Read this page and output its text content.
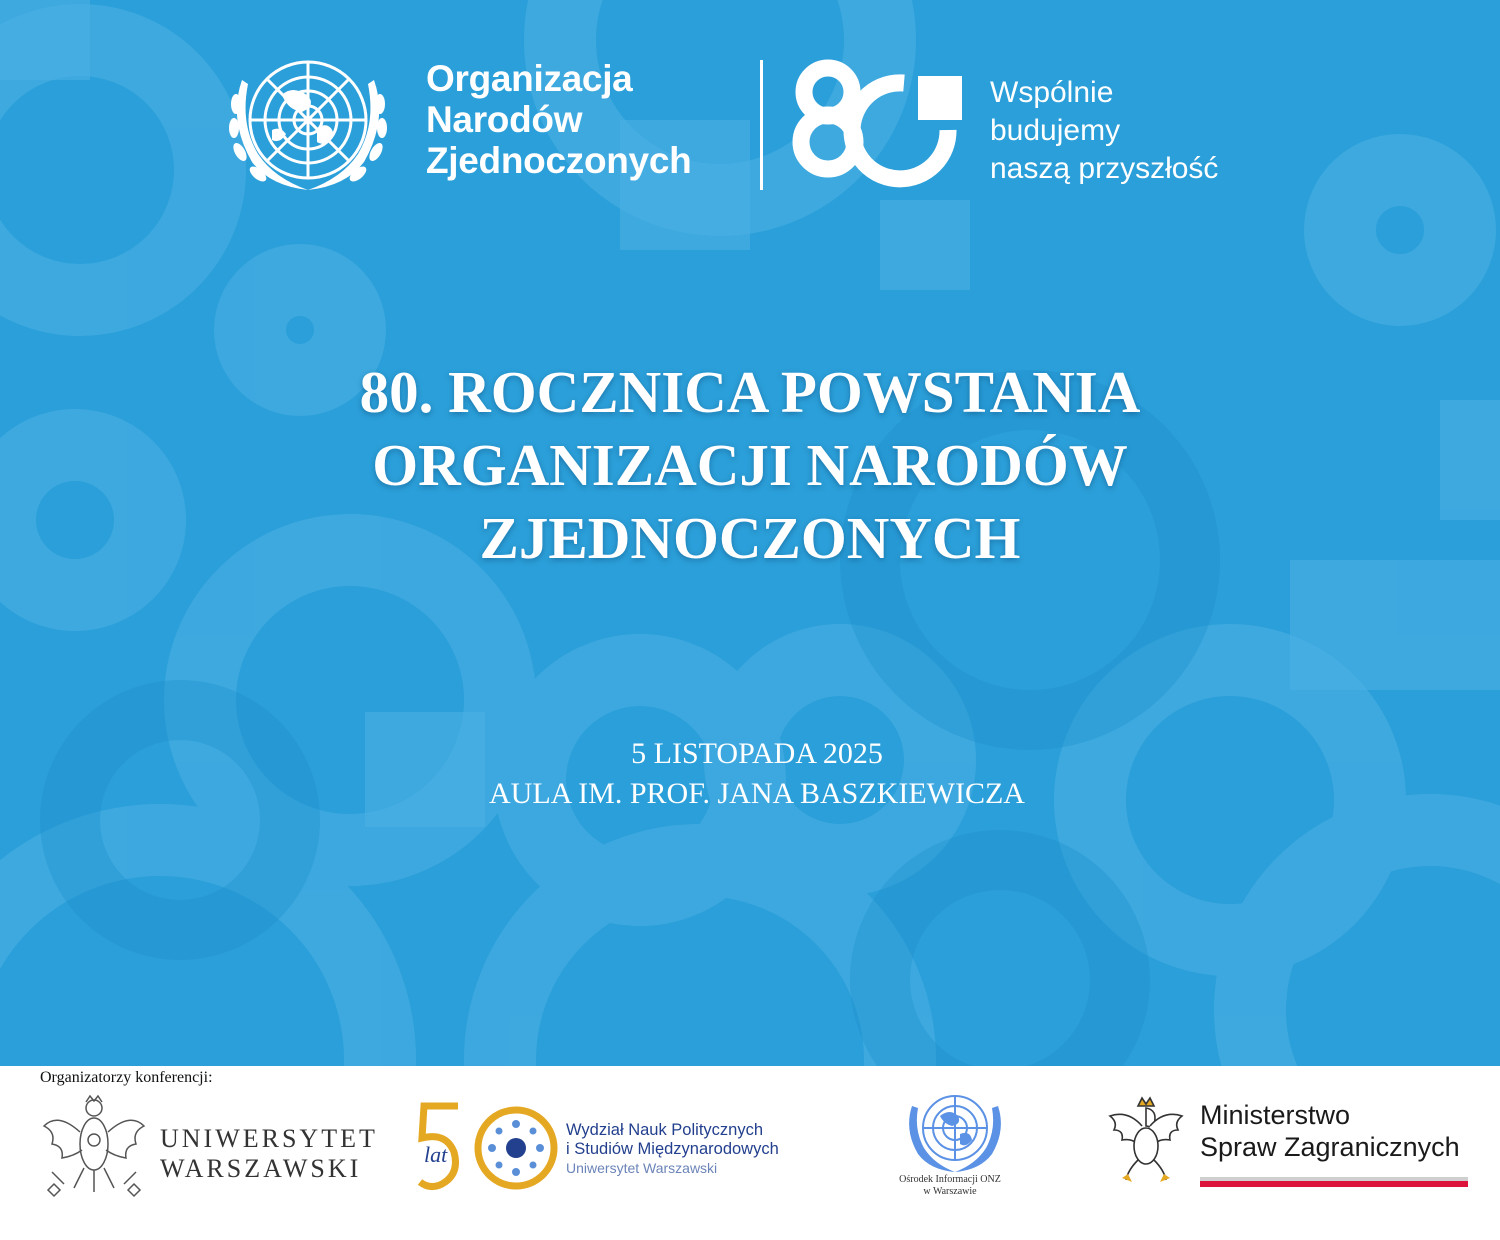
Organizacja
Narodów
Zjednoczonych
Wspólnie
budujemy
naszą przyszłość
80. ROCZNICA POWSTANIA
ORGANIZACJI NARODÓW
ZJEDNOCZONYCH
5 LISTOPADA 2025
AULA IM. PROF. JANA BASZKIEWICZA
Organizatorzy konferencji:
UNIWERSYTET
WARSZAWSKI	lat
Wydział Nauk Politycznych
i Studiów Międzynarodowych
Uniwersytet Warszawski
Ośrodek Informacji ONZ
w Warszawie
Ministerstwo
Spraw Zagranicznych
